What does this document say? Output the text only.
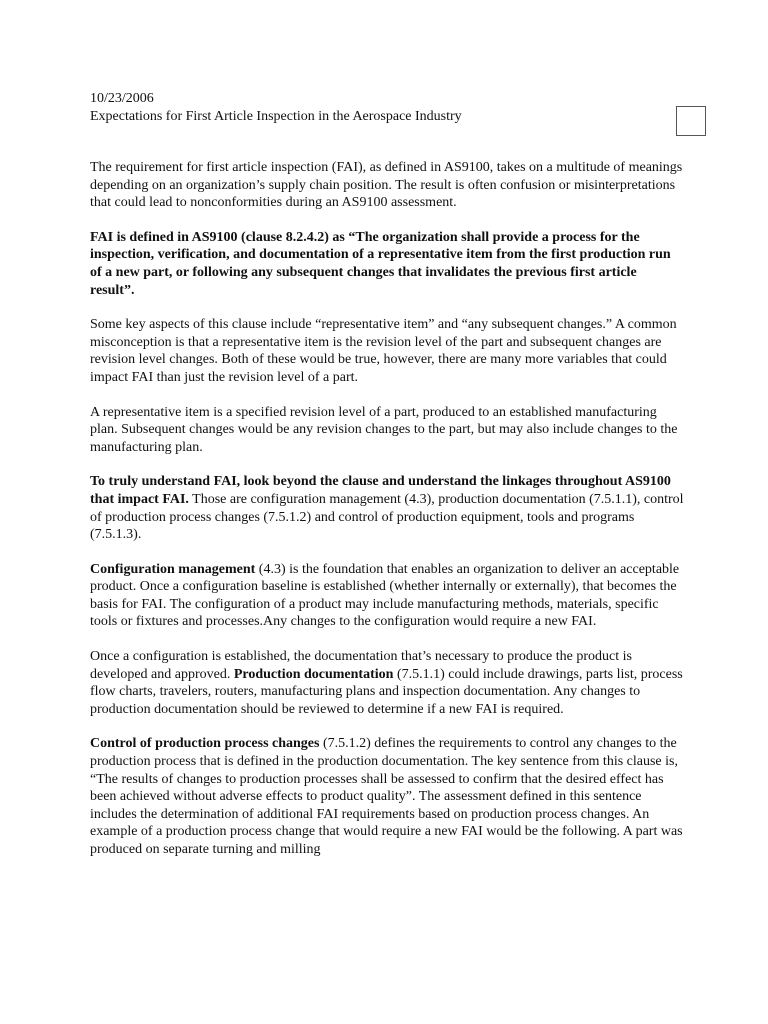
10/23/2006
Expectations for First Article Inspection in the Aerospace Industry

The requirement for first article inspection (FAI), as defined in AS9100, takes on a multitude of meanings depending on an organization’s supply chain position. The result is often confusion or misinterpretations that could lead to nonconformities during an AS9100 assessment.

FAI is defined in AS9100 (clause 8.2.4.2) as “The organization shall provide a process for the inspection, verification, and documentation of a representative item from the first production run of a new part, or following any subsequent changes that invalidates the previous first article result”.

Some key aspects of this clause include “representative item” and “any subsequent changes.” A common misconception is that a representative item is the revision level of the part and subsequent changes are revision level changes. Both of these would be true, however, there are many more variables that could impact FAI than just the revision level of a part.

A representative item is a specified revision level of a part, produced to an established manufacturing plan. Subsequent changes would be any revision changes to the part, but may also include changes to the manufacturing plan.

To truly understand FAI, look beyond the clause and understand the linkages throughout AS9100 that impact FAI. Those are configuration management (4.3), production documentation (7.5.1.1), control of production process changes (7.5.1.2) and control of production equipment, tools and programs (7.5.1.3).

Configuration management (4.3) is the foundation that enables an organization to deliver an acceptable product. Once a configuration baseline is established (whether internally or externally), that becomes the basis for FAI. The configuration of a product may include manufacturing methods, materials, specific tools or fixtures and processes.Any changes to the configuration would require a new FAI.

Once a configuration is established, the documentation that’s necessary to produce the product is developed and approved. Production documentation (7.5.1.1) could include drawings, parts list, process flow charts, travelers, routers, manufacturing plans and inspection documentation. Any changes to production documentation should be reviewed to determine if a new FAI is required.

Control of production process changes (7.5.1.2) defines the requirements to control any changes to the production process that is defined in the production documentation. The key sentence from this clause is, “The results of changes to production processes shall be assessed to confirm that the desired effect has been achieved without adverse effects to product quality”. The assessment defined in this sentence includes the determination of additional FAI requirements based on production process changes. An example of a production process change that would require a new FAI would be the following. A part was produced on separate turning and milling
